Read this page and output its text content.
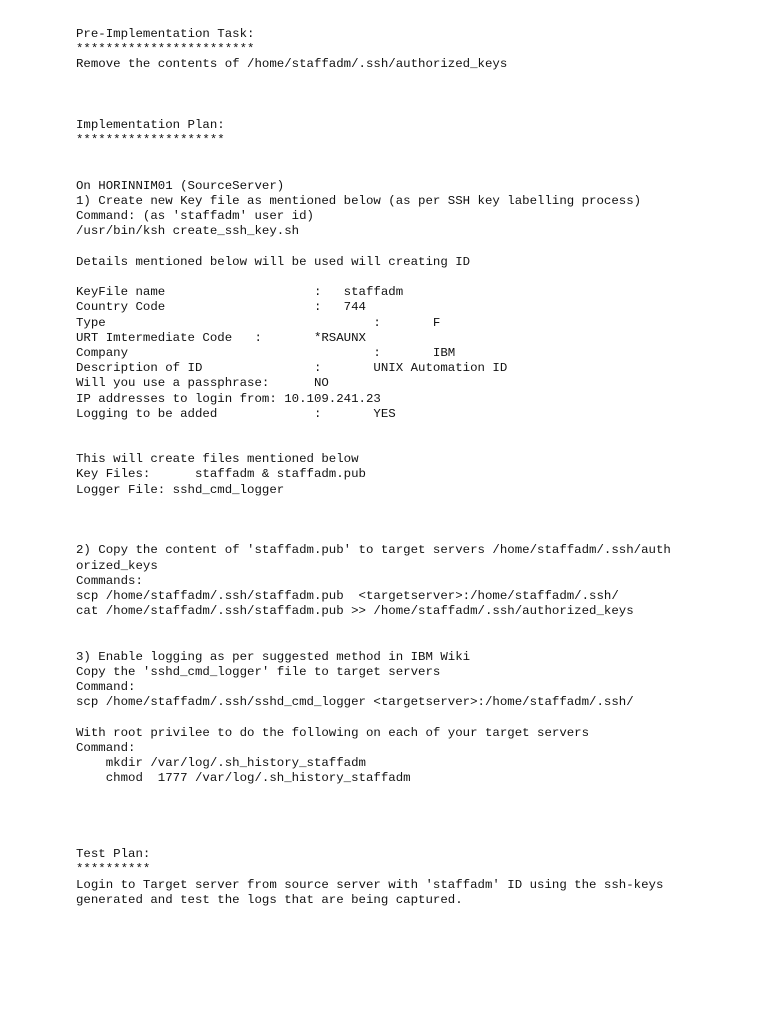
Pre-Implementation Task:
************************
Remove the contents of /home/staffadm/.ssh/authorized_keys
Implementation Plan:
********************
On HORINNIM01 (SourceServer)
1) Create new Key file as mentioned below (as per SSH key labelling process)
Command: (as 'staffadm' user id)
/usr/bin/ksh create_ssh_key.sh
Details mentioned below will be used will creating ID
KeyFile name                    :   staffadm
Country Code                    :   744
Type                                    :       F
URT Imtermediate Code   :       *RSAUNX
Company                                 :       IBM
Description of ID               :       UNIX Automation ID
Will you use a passphrase:      NO
IP addresses to login from: 10.109.241.23
Logging to be added             :       YES
This will create files mentioned below
Key Files:      staffadm & staffadm.pub
Logger File: sshd_cmd_logger
2) Copy the content of 'staffadm.pub' to target servers /home/staffadm/.ssh/auth
orized_keys
Commands:
scp /home/staffadm/.ssh/staffadm.pub  <targetserver>:/home/staffadm/.ssh/
cat /home/staffadm/.ssh/staffadm.pub >> /home/staffadm/.ssh/authorized_keys
3) Enable logging as per suggested method in IBM Wiki
Copy the 'sshd_cmd_logger' file to target servers
Command:
scp /home/staffadm/.ssh/sshd_cmd_logger <targetserver>:/home/staffadm/.ssh/
With root privilee to do the following on each of your target servers
Command:
mkdir /var/log/.sh_history_staffadm
chmod  1777 /var/log/.sh_history_staffadm
Test Plan:
**********
Login to Target server from source server with 'staffadm' ID using the ssh-keys
generated and test the logs that are being captured.
